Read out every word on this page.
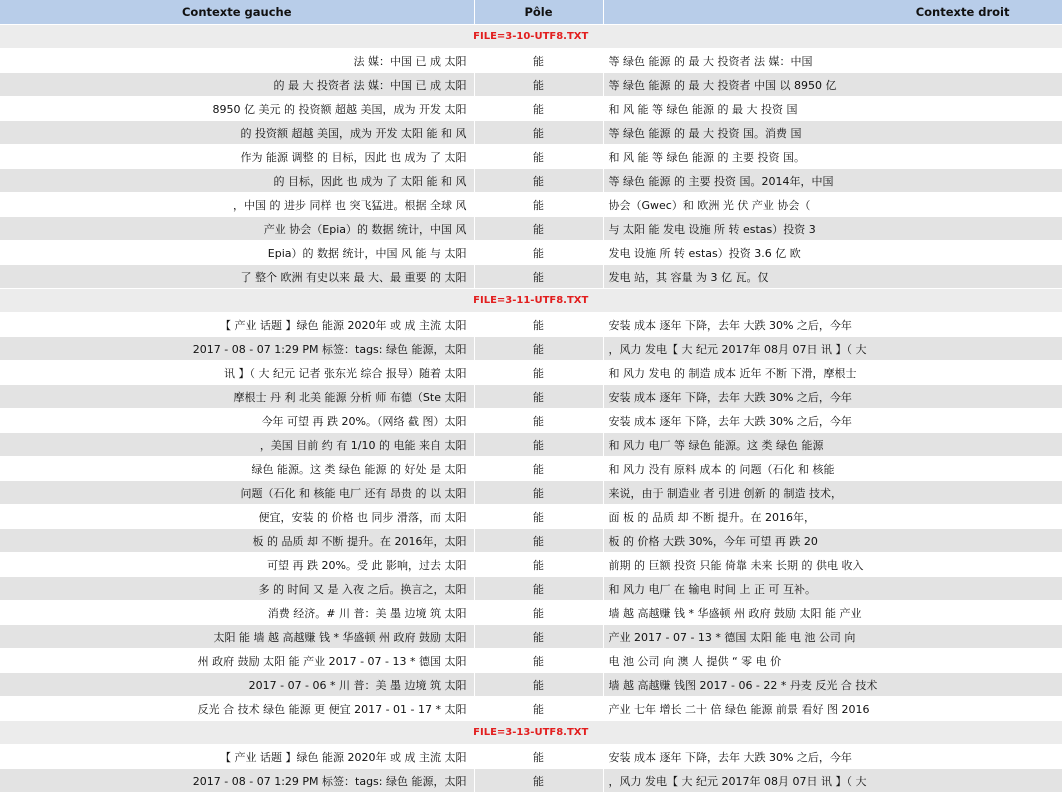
Contexte gauche	Pôle	Contexte droit
FILE=3-10-UTF8.TXT		
法 媒：中国 已 成 太阳	能	等 绿色 能源 的 最 大 投资者 法 媒：中国
的 最 大 投资者 法 媒：中国 已 成 太阳	能	等 绿色 能源 的 最 大 投资者 中国 以 8950 亿
8950 亿 美元 的 投资额 超越 美国，成为 开发 太阳	能	和 风 能 等 绿色 能源 的 最 大 投资 国
的 投资额 超越 美国，成为 开发 太阳 能 和 风	能	等 绿色 能源 的 最 大 投资 国。消费 国
作为 能源 调整 的 目标，因此 也 成为 了 太阳	能	和 风 能 等 绿色 能源 的 主要 投资 国。
的 目标，因此 也 成为 了 太阳 能 和 风	能	等 绿色 能源 的 主要 投资 国。2014年，中国
，中国 的 进步 同样 也 突飞猛进。根据 全球 风	能	协会（Gwec）和 欧洲 光 伏 产业 协会（
产业 协会（Epia）的 数据 统计，中国 风	能	与 太阳 能 发电 设施 所 转 estas）投资 3
Epia）的 数据 统计，中国 风 能 与 太阳	能	发电 设施 所 转 estas）投资 3.6 亿 欧
了 整个 欧洲 有史以来 最 大、最 重要 的 太阳	能	发电 站，其 容量 为 3 亿 瓦。仅
FILE=3-11-UTF8.TXT		
【 产业 话题 】绿色 能源 2020年 或 成 主流 太阳	能	安装 成本 逐年 下降，去年 大跌 30% 之后，今年
2017 - 08 - 07 1:29 PM 标签：tags: 绿色 能源，太阳	能	，风力 发电【 大 纪元 2017年 08月 07日 讯 】（ 大
讯 】（ 大 纪元 记者 张东光 综合 报导）随着 太阳	能	和 风力 发电 的 制造 成本 近年 不断 下滑，摩根士
摩根士 丹 利 北美 能源 分析 师 布德（Ste 太阳	能	安装 成本 逐年 下降，去年 大跌 30% 之后，今年
今年 可望 再 跌 20%。（网络 截 图）太阳	能	安装 成本 逐年 下降，去年 大跌 30% 之后，今年
，美国 目前 约 有 1/10 的 电能 来自 太阳	能	和 风力 电厂 等 绿色 能源。这 类 绿色 能源
绿色 能源。这 类 绿色 能源 的 好处 是 太阳	能	和 风力 没有 原料 成本 的 问题（石化 和 核能
问题（石化 和 核能 电厂 还有 昂贵 的 以 太阳	能	来说，由于 制造业 者 引进 创新 的 制造 技术，
便宜，安装 的 价格 也 同步 滑落，而 太阳	能	面 板 的 品质 却 不断 提升。在 2016年，
板 的 品质 却 不断 提升。在 2016年，太阳	能	板 的 价格 大跌 30%，今年 可望 再 跌 20
可望 再 跌 20%。受 此 影响，过去 太阳	能	前期 的 巨额 投资 只能 倚靠 未来 长期 的 供电 收入
多 的 时间 又 是 入夜 之后。换言之，太阳	能	和 风力 电厂 在 输电 时间 上 正 可 互补。
消费 经济。# 川 普：美 墨 边境 筑 太阳	能	墙 越 高越赚 钱 * 华盛顿 州 政府 鼓励 太阳 能 产业
太阳 能 墙 越 高越赚 钱 * 华盛顿 州 政府 鼓励 太阳	能	产业 2017 - 07 - 13 * 德国 太阳 能 电 池 公司 向
州 政府 鼓励 太阳 能 产业 2017 - 07 - 13 * 德国 太阳	能	电 池 公司 向 澳 人 提供 “ 零 电 价
2017 - 07 - 06 * 川 普：美 墨 边境 筑 太阳	能	墙 越 高越赚 钱图 2017 - 06 - 22 * 丹麦 反光 合 技术
反光 合 技术 绿色 能源 更 便宜 2017 - 01 - 17 * 太阳	能	产业 七年 增长 二十 倍 绿色 能源 前景 看好 图 2016
FILE=3-13-UTF8.TXT		
【 产业 话题 】绿色 能源 2020年 或 成 主流 太阳	能	安装 成本 逐年 下降，去年 大跌 30% 之后，今年
2017 - 08 - 07 1:29 PM 标签：tags: 绿色 能源，太阳	能	，风力 发电【 大 纪元 2017年 08月 07日 讯 】（ 大
